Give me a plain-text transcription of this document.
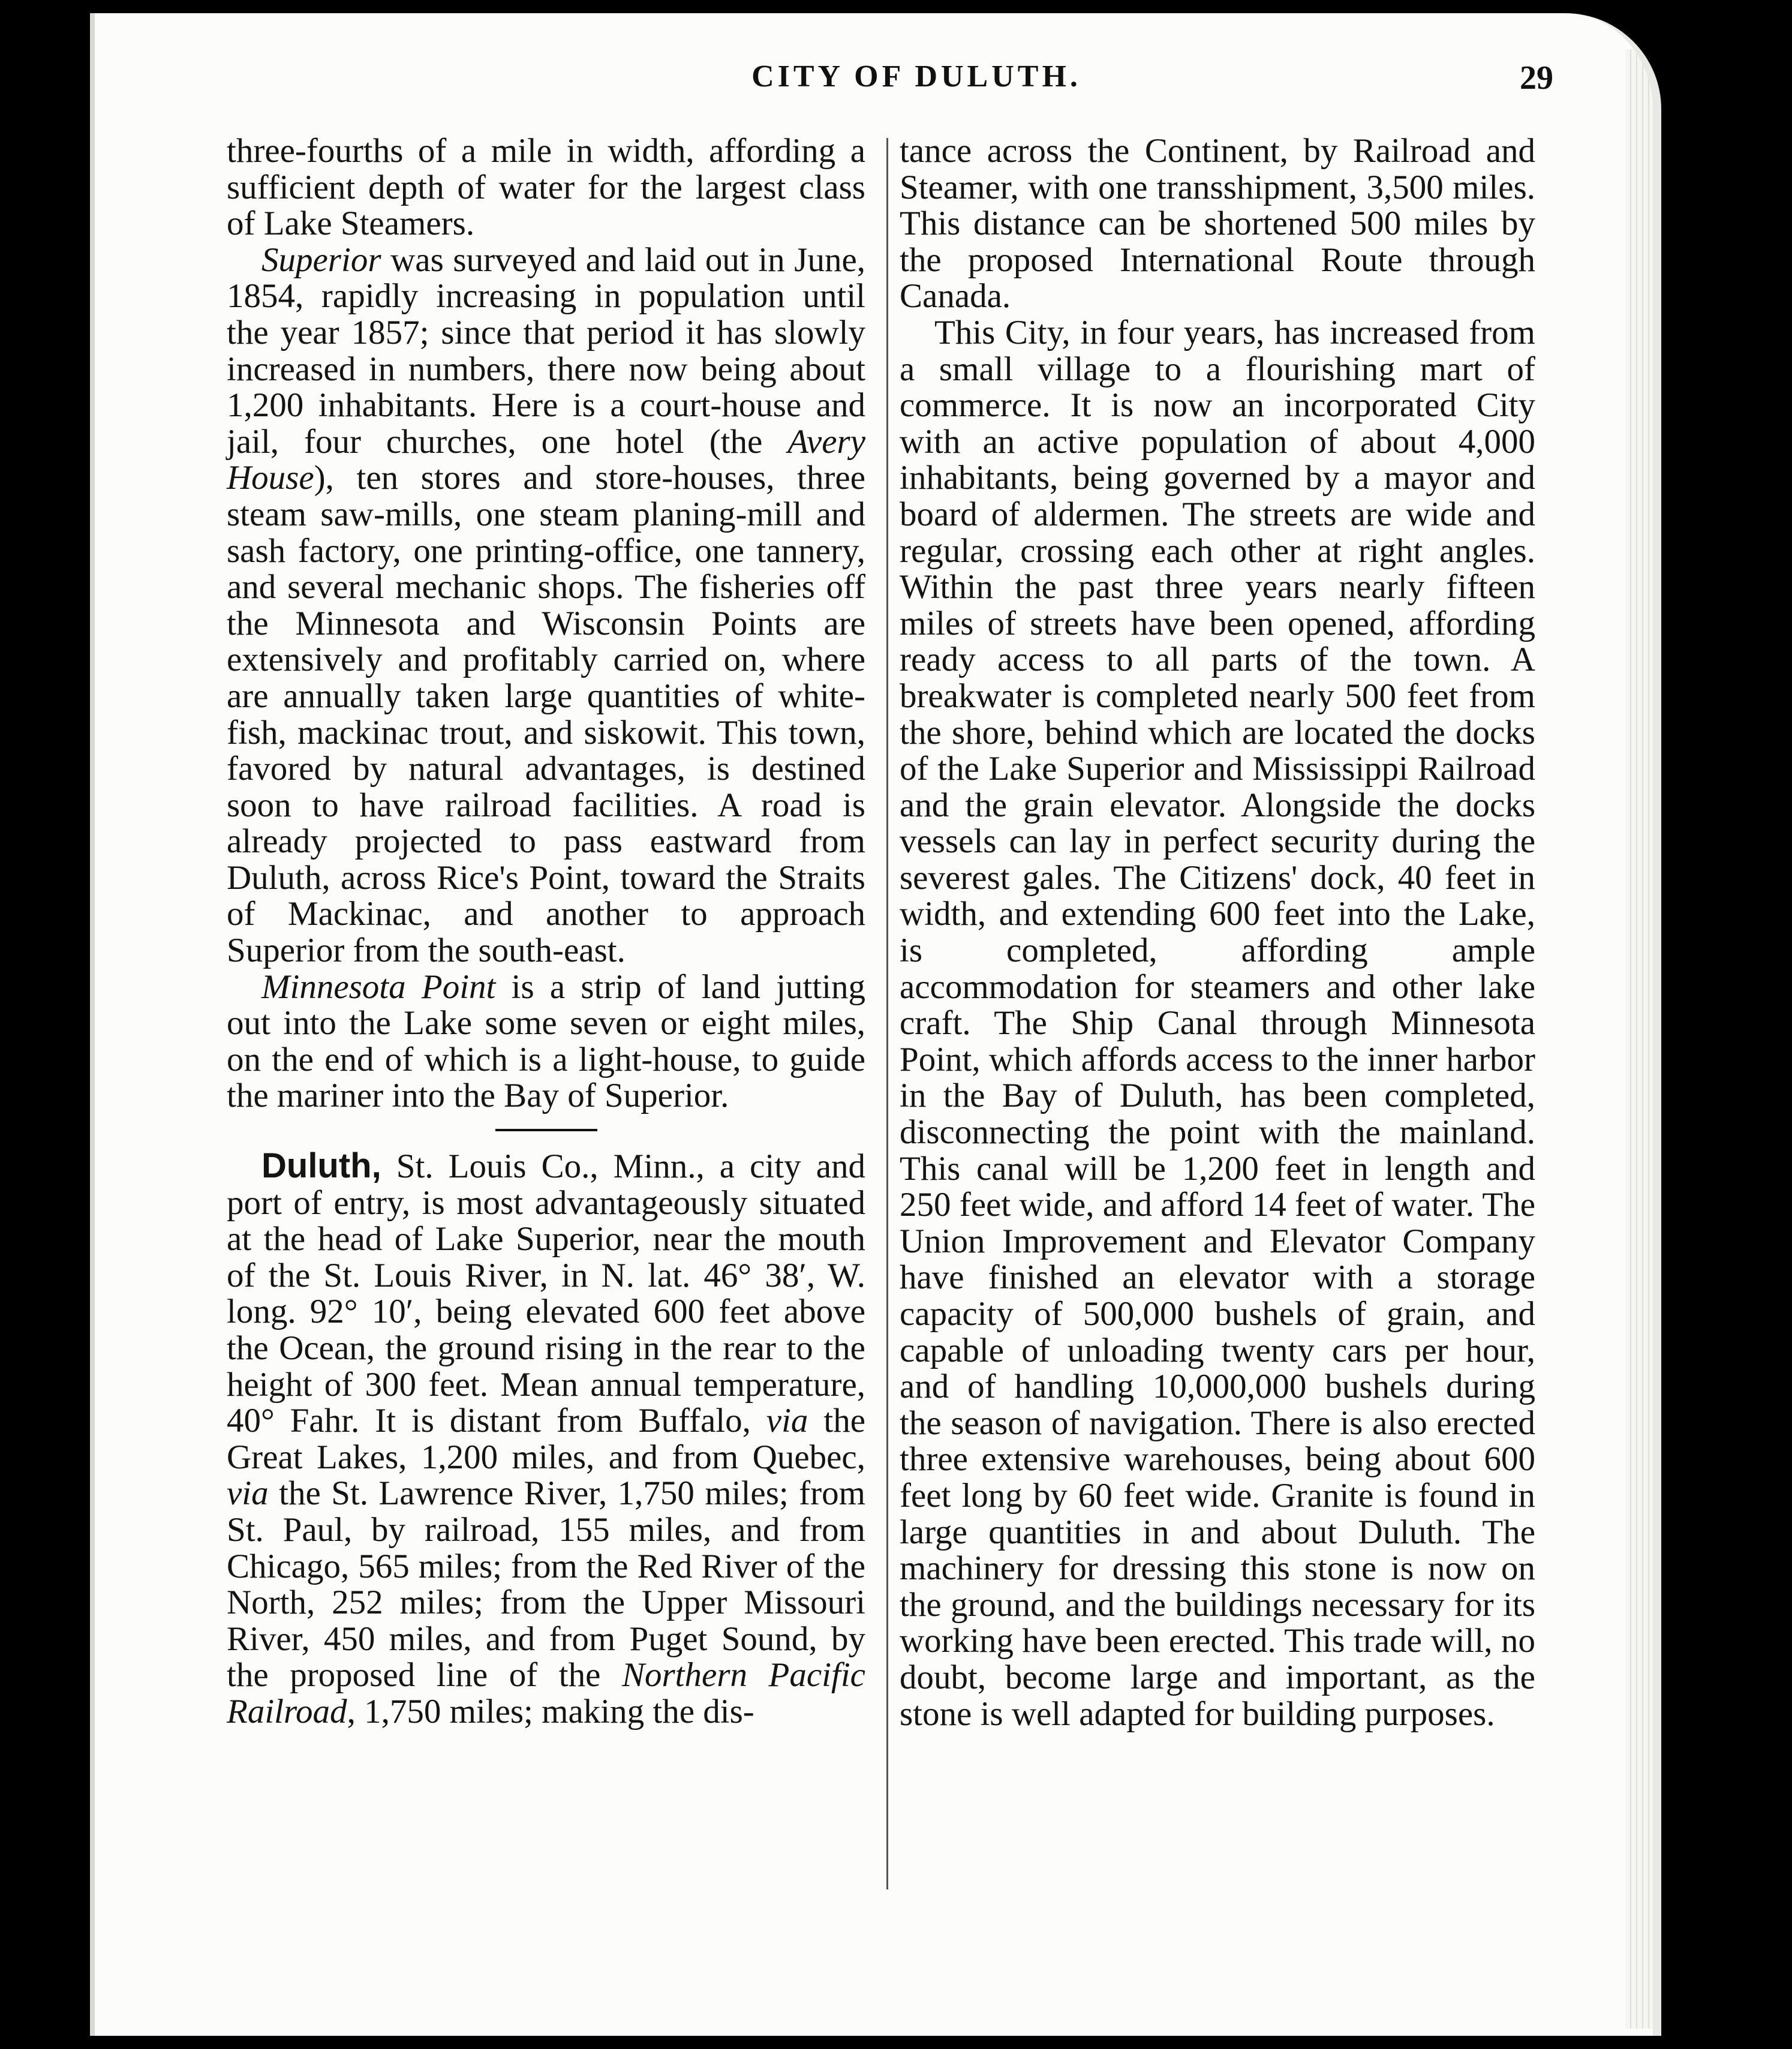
CITY OF DULUTH.	29

three-fourths of a mile in width, affording a sufficient depth of water for the largest class of Lake Steamers.

Superior was surveyed and laid out in June, 1854, rapidly increasing in population until the year 1857; since that period it has slowly increased in numbers, there now being about 1,200 inhabitants. Here is a court-house and jail, four churches, one hotel (the Avery House), ten stores and store-houses, three steam saw-mills, one steam planing-mill and sash factory, one printing-office, one tannery, and several mechanic shops. The fisheries off the Minnesota and Wisconsin Points are extensively and profitably carried on, where are annually taken large quantities of white-fish, mackinac trout, and siskowit. This town, favored by natural advantages, is destined soon to have railroad facilities. A road is already projected to pass eastward from Duluth, across Rice's Point, toward the Straits of Mackinac, and another to approach Superior from the south-east.

Minnesota Point is a strip of land jutting out into the Lake some seven or eight miles, on the end of which is a light-house, to guide the mariner into the Bay of Superior.

Duluth, St. Louis Co., Minn., a city and port of entry, is most advantageously situated at the head of Lake Superior, near the mouth of the St. Louis River, in N. lat. 46° 38′, W. long. 92° 10′, being elevated 600 feet above the Ocean, the ground rising in the rear to the height of 300 feet. Mean annual temperature, 40° Fahr. It is distant from Buffalo, via the Great Lakes, 1,200 miles, and from Quebec, via the St. Lawrence River, 1,750 miles; from St. Paul, by railroad, 155 miles, and from Chicago, 565 miles; from the Red River of the North, 252 miles; from the Upper Missouri River, 450 miles, and from Puget Sound, by the proposed line of the Northern Pacific Railroad, 1,750 miles; making the dis-

tance across the Continent, by Railroad and Steamer, with one transshipment, 3,500 miles. This distance can be shortened 500 miles by the proposed International Route through Canada.

This City, in four years, has increased from a small village to a flourishing mart of commerce. It is now an incorporated City with an active population of about 4,000 inhabitants, being governed by a mayor and board of aldermen. The streets are wide and regular, crossing each other at right angles. Within the past three years nearly fifteen miles of streets have been opened, affording ready access to all parts of the town. A breakwater is completed nearly 500 feet from the shore, behind which are located the docks of the Lake Superior and Mississippi Railroad and the grain elevator. Alongside the docks vessels can lay in perfect security during the severest gales. The Citizens' dock, 40 feet in width, and extending 600 feet into the Lake, is completed, affording ample accommodation for steamers and other lake craft. The Ship Canal through Minnesota Point, which affords access to the inner harbor in the Bay of Duluth, has been completed, disconnecting the point with the mainland. This canal will be 1,200 feet in length and 250 feet wide, and afford 14 feet of water. The Union Improvement and Elevator Company have finished an elevator with a storage capacity of 500,000 bushels of grain, and capable of unloading twenty cars per hour, and of handling 10,000,000 bushels during the season of navigation. There is also erected three extensive warehouses, being about 600 feet long by 60 feet wide. Granite is found in large quantities in and about Duluth. The machinery for dressing this stone is now on the ground, and the buildings necessary for its working have been erected. This trade will, no doubt, become large and important, as the stone is well adapted for building purposes.
